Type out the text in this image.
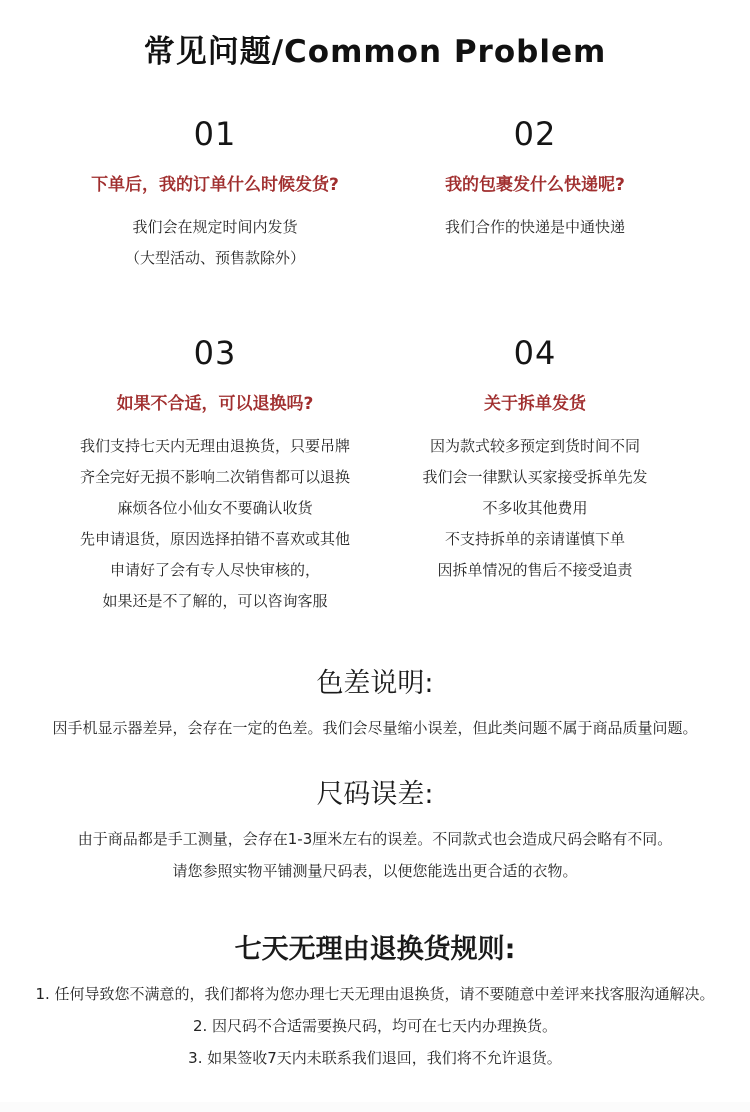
常见问题/Common Problem
01
下单后，我的订单什么时候发货?
我们会在规定时间内发货
（大型活动、预售款除外）
02
我的包裹发什么快递呢?
我们合作的快递是中通快递
03
如果不合适，可以退换吗?
我们支持七天内无理由退换货，只要吊牌
齐全完好无损不影响二次销售都可以退换
麻烦各位小仙女不要确认收货
先申请退货，原因选择拍错不喜欢或其他
申请好了会有专人尽快审核的，
如果还是不了解的，可以咨询客服
04
关于拆单发货
因为款式较多预定到货时间不同
我们会一律默认买家接受拆单先发
不多收其他费用
不支持拆单的亲请谨慎下单
因拆单情况的售后不接受追责
色差说明:
因手机显示器差异，会存在一定的色差。我们会尽量缩小误差，但此类问题不属于商品质量问题。
尺码误差:
由于商品都是手工测量，会存在1-3厘米左右的误差。不同款式也会造成尺码会略有不同。
请您参照实物平铺测量尺码表，以便您能选出更合适的衣物。
七天无理由退换货规则:
1. 任何导致您不满意的，我们都将为您办理七天无理由退换货，请不要随意中差评来找客服沟通解决。
2. 因尺码不合适需要换尺码，均可在七天内办理换货。
3. 如果签收7天内未联系我们退回，我们将不允许退货。
